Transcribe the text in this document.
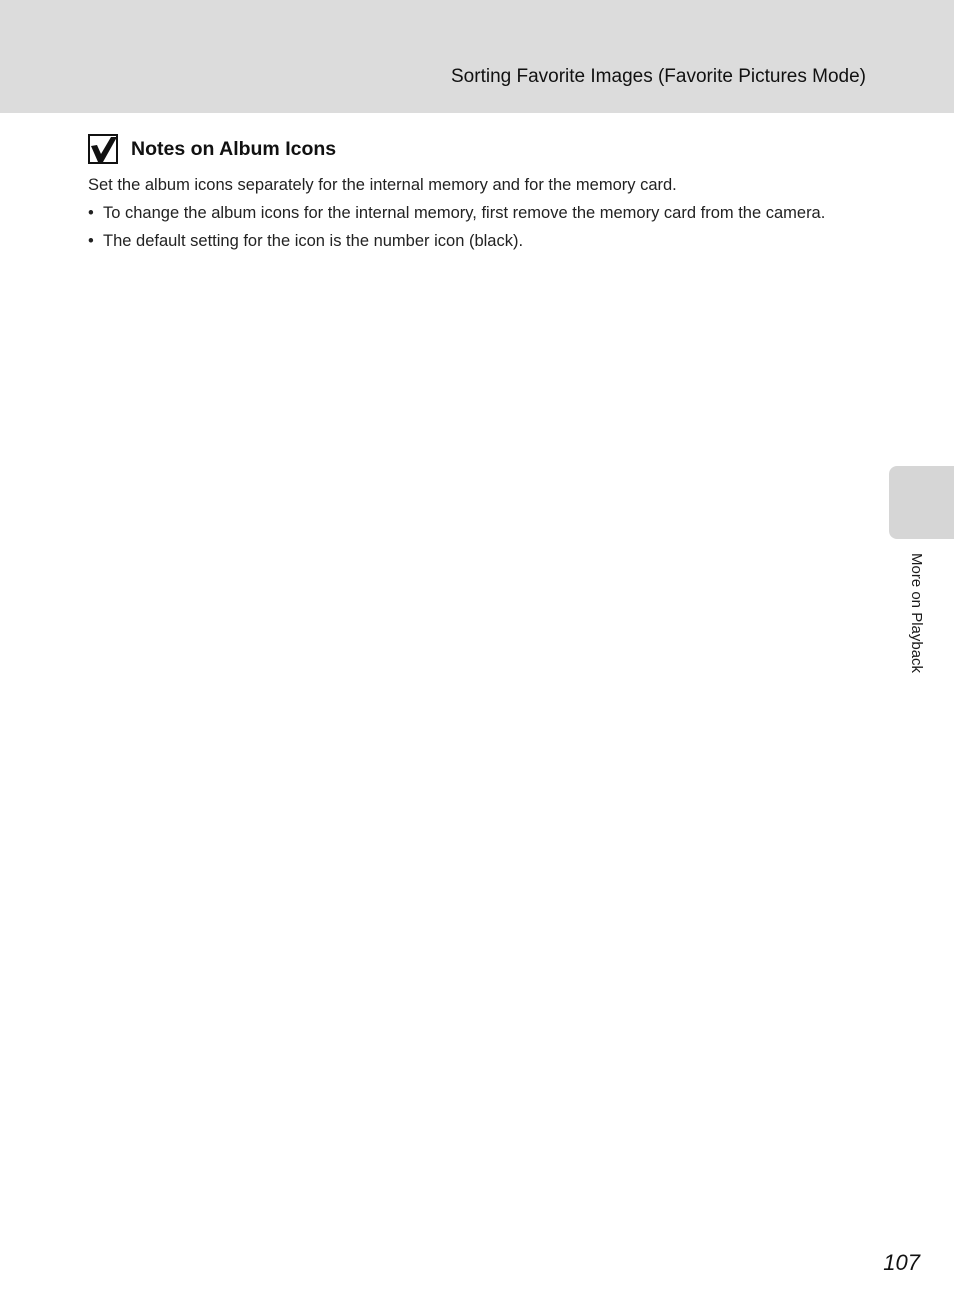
Sorting Favorite Images (Favorite Pictures Mode)
Notes on Album Icons

Set the album icons separately for the internal memory and for the memory card.

• To change the album icons for the internal memory, first remove the memory card from the camera.
• The default setting for the icon is the number icon (black).
More on Playback
107
